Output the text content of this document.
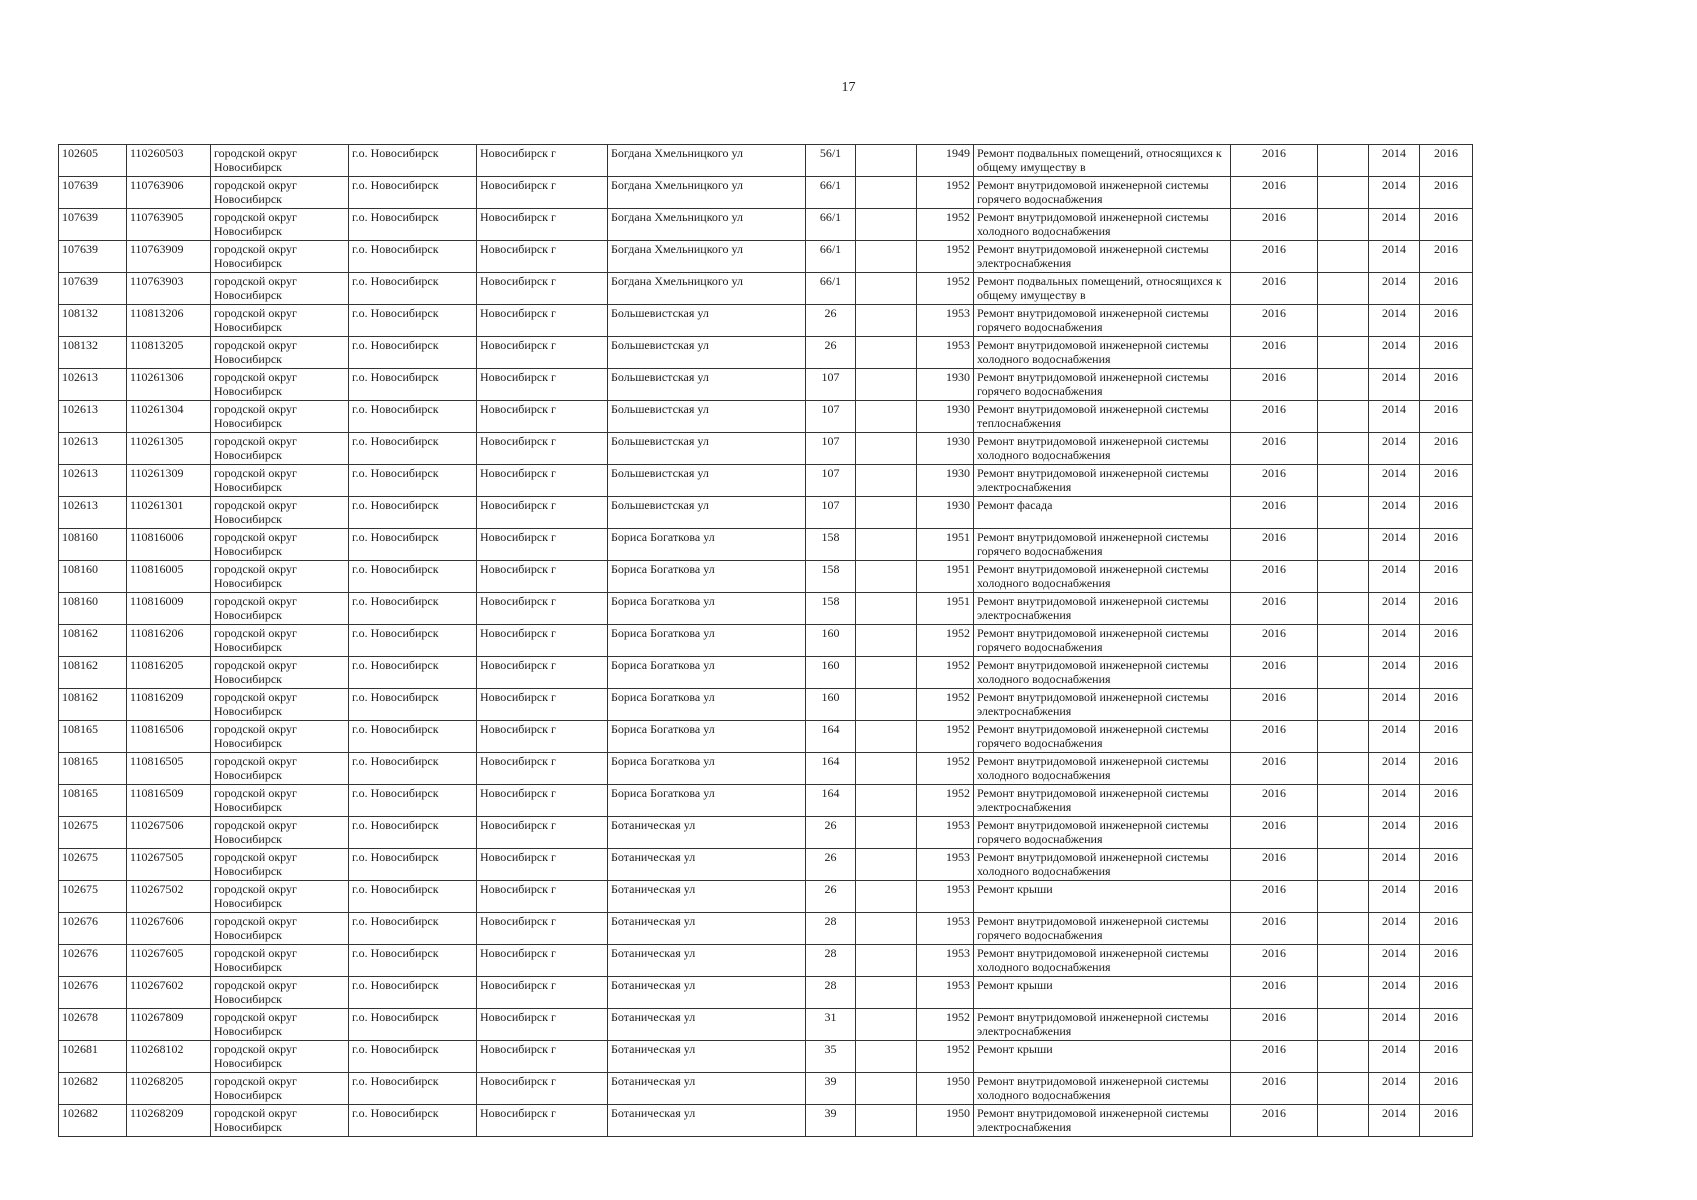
17
102605	110260503	городской округ Новосибирск	г.о. Новосибирск	Новосибирск г	Богдана Хмельницкого ул	56/1		1949	Ремонт подвальных помещений, относящихся к общему имуществу в	2016		2014	2016
107639	110763906	городской округ Новосибирск	г.о. Новосибирск	Новосибирск г	Богдана Хмельницкого ул	66/1		1952	Ремонт внутридомовой инженерной системы горячего водоснабжения	2016		2014	2016
107639	110763905	городской округ Новосибирск	г.о. Новосибирск	Новосибирск г	Богдана Хмельницкого ул	66/1		1952	Ремонт внутридомовой инженерной системы холодного водоснабжения	2016		2014	2016
107639	110763909	городской округ Новосибирск	г.о. Новосибирск	Новосибирск г	Богдана Хмельницкого ул	66/1		1952	Ремонт внутридомовой инженерной системы электроснабжения	2016		2014	2016
107639	110763903	городской округ Новосибирск	г.о. Новосибирск	Новосибирск г	Богдана Хмельницкого ул	66/1		1952	Ремонт подвальных помещений, относящихся к общему имуществу в	2016		2014	2016
108132	110813206	городской округ Новосибирск	г.о. Новосибирск	Новосибирск г	Большевистская ул	26		1953	Ремонт внутридомовой инженерной системы горячего водоснабжения	2016		2014	2016
108132	110813205	городской округ Новосибирск	г.о. Новосибирск	Новосибирск г	Большевистская ул	26		1953	Ремонт внутридомовой инженерной системы холодного водоснабжения	2016		2014	2016
102613	110261306	городской округ Новосибирск	г.о. Новосибирск	Новосибирск г	Большевистская ул	107		1930	Ремонт внутридомовой инженерной системы горячего водоснабжения	2016		2014	2016
102613	110261304	городской округ Новосибирск	г.о. Новосибирск	Новосибирск г	Большевистская ул	107		1930	Ремонт внутридомовой инженерной системы теплоснабжения	2016		2014	2016
102613	110261305	городской округ Новосибирск	г.о. Новосибирск	Новосибирск г	Большевистская ул	107		1930	Ремонт внутридомовой инженерной системы холодного водоснабжения	2016		2014	2016
102613	110261309	городской округ Новосибирск	г.о. Новосибирск	Новосибирск г	Большевистская ул	107		1930	Ремонт внутридомовой инженерной системы электроснабжения	2016		2014	2016
102613	110261301	городской округ Новосибирск	г.о. Новосибирск	Новосибирск г	Большевистская ул	107		1930	Ремонт фасада	2016		2014	2016
108160	110816006	городской округ Новосибирск	г.о. Новосибирск	Новосибирск г	Бориса Богаткова ул	158		1951	Ремонт внутридомовой инженерной системы горячего водоснабжения	2016		2014	2016
108160	110816005	городской округ Новосибирск	г.о. Новосибирск	Новосибирск г	Бориса Богаткова ул	158		1951	Ремонт внутридомовой инженерной системы холодного водоснабжения	2016		2014	2016
108160	110816009	городской округ Новосибирск	г.о. Новосибирск	Новосибирск г	Бориса Богаткова ул	158		1951	Ремонт внутридомовой инженерной системы электроснабжения	2016		2014	2016
108162	110816206	городской округ Новосибирск	г.о. Новосибирск	Новосибирск г	Бориса Богаткова ул	160		1952	Ремонт внутридомовой инженерной системы горячего водоснабжения	2016		2014	2016
108162	110816205	городской округ Новосибирск	г.о. Новосибирск	Новосибирск г	Бориса Богаткова ул	160		1952	Ремонт внутридомовой инженерной системы холодного водоснабжения	2016		2014	2016
108162	110816209	городской округ Новосибирск	г.о. Новосибирск	Новосибирск г	Бориса Богаткова ул	160		1952	Ремонт внутридомовой инженерной системы электроснабжения	2016		2014	2016
108165	110816506	городской округ Новосибирск	г.о. Новосибирск	Новосибирск г	Бориса Богаткова ул	164		1952	Ремонт внутридомовой инженерной системы горячего водоснабжения	2016		2014	2016
108165	110816505	городской округ Новосибирск	г.о. Новосибирск	Новосибирск г	Бориса Богаткова ул	164		1952	Ремонт внутридомовой инженерной системы холодного водоснабжения	2016		2014	2016
108165	110816509	городской округ Новосибирск	г.о. Новосибирск	Новосибирск г	Бориса Богаткова ул	164		1952	Ремонт внутридомовой инженерной системы электроснабжения	2016		2014	2016
102675	110267506	городской округ Новосибирск	г.о. Новосибирск	Новосибирск г	Ботаническая ул	26		1953	Ремонт внутридомовой инженерной системы горячего водоснабжения	2016		2014	2016
102675	110267505	городской округ Новосибирск	г.о. Новосибирск	Новосибирск г	Ботаническая ул	26		1953	Ремонт внутридомовой инженерной системы холодного водоснабжения	2016		2014	2016
102675	110267502	городской округ Новосибирск	г.о. Новосибирск	Новосибирск г	Ботаническая ул	26		1953	Ремонт крыши	2016		2014	2016
102676	110267606	городской округ Новосибирск	г.о. Новосибирск	Новосибирск г	Ботаническая ул	28		1953	Ремонт внутридомовой инженерной системы горячего водоснабжения	2016		2014	2016
102676	110267605	городской округ Новосибирск	г.о. Новосибирск	Новосибирск г	Ботаническая ул	28		1953	Ремонт внутридомовой инженерной системы холодного водоснабжения	2016		2014	2016
102676	110267602	городской округ Новосибирск	г.о. Новосибирск	Новосибирск г	Ботаническая ул	28		1953	Ремонт крыши	2016		2014	2016
102678	110267809	городской округ Новосибирск	г.о. Новосибирск	Новосибирск г	Ботаническая ул	31		1952	Ремонт внутридомовой инженерной системы электроснабжения	2016		2014	2016
102681	110268102	городской округ Новосибирск	г.о. Новосибирск	Новосибирск г	Ботаническая ул	35		1952	Ремонт крыши	2016		2014	2016
102682	110268205	городской округ Новосибирск	г.о. Новосибирск	Новосибирск г	Ботаническая ул	39		1950	Ремонт внутридомовой инженерной системы холодного водоснабжения	2016		2014	2016
102682	110268209	городской округ Новосибирск	г.о. Новосибирск	Новосибирск г	Ботаническая ул	39		1950	Ремонт внутридомовой инженерной системы электроснабжения	2016		2014	2016
